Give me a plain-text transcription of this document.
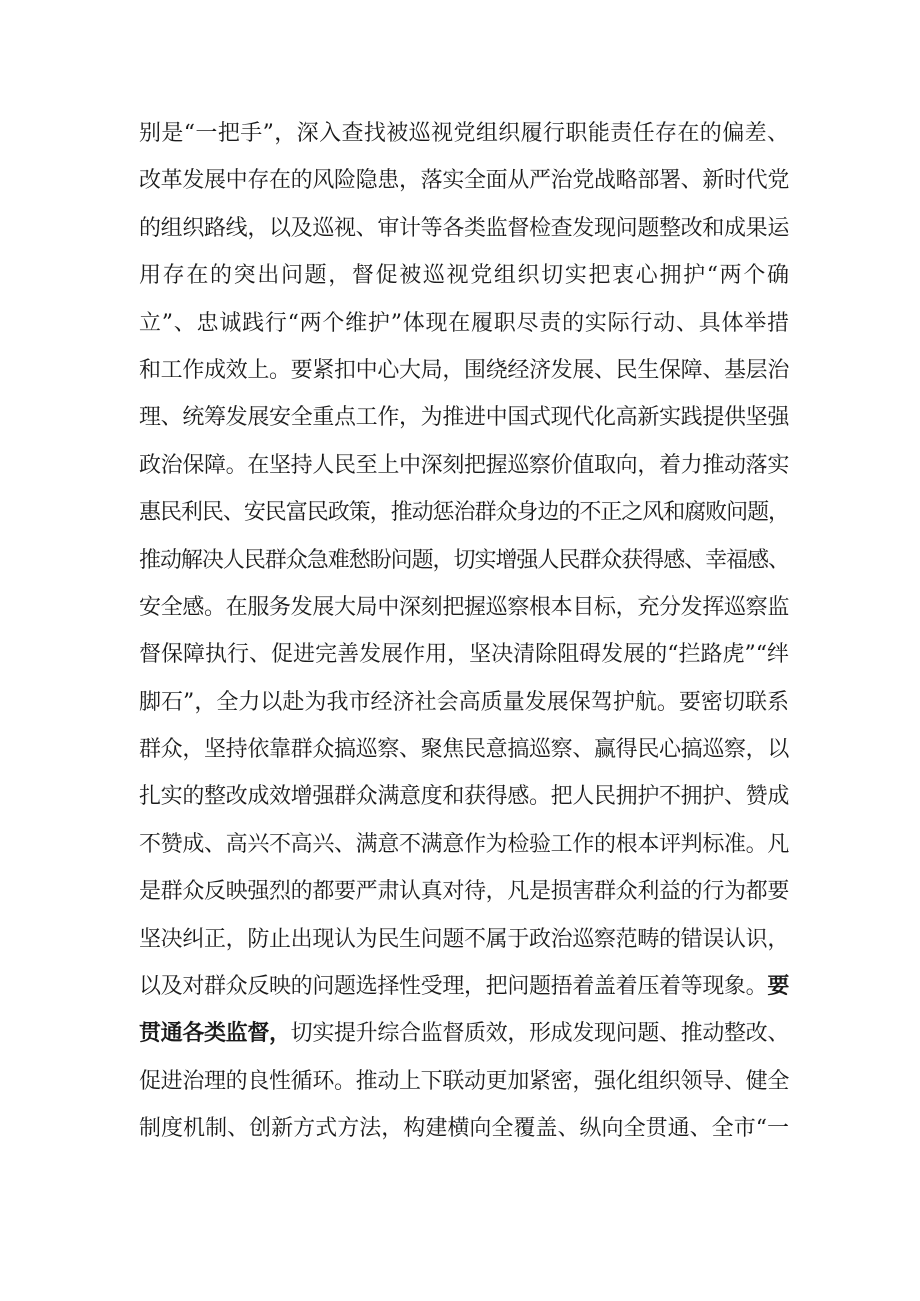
别是“一把手”，深入查找被巡视党组织履行职能责任存在的偏差、
改革发展中存在的风险隐患，落实全面从严治党战略部署、新时代党
的组织路线，以及巡视、审计等各类监督检查发现问题整改和成果运
用存在的突出问题，督促被巡视党组织切实把衷心拥护“两个确
立”、忠诚践行“两个维护”体现在履职尽责的实际行动、具体举措
和工作成效上。要紧扣中心大局，围绕经济发展、民生保障、基层治
理、统筹发展安全重点工作，为推进中国式现代化高新实践提供坚强
政治保障。在坚持人民至上中深刻把握巡察价值取向，着力推动落实
惠民利民、安民富民政策，推动惩治群众身边的不正之风和腐败问题，
推动解决人民群众急难愁盼问题，切实增强人民群众获得感、幸福感、
安全感。在服务发展大局中深刻把握巡察根本目标，充分发挥巡察监
督保障执行、促进完善发展作用，坚决清除阻碍发展的“拦路虎”“绊
脚石”，全力以赴为我市经济社会高质量发展保驾护航。要密切联系
群众，坚持依靠群众搞巡察、聚焦民意搞巡察、赢得民心搞巡察，以
扎实的整改成效增强群众满意度和获得感。把人民拥护不拥护、赞成
不赞成、高兴不高兴、满意不满意作为检验工作的根本评判标准。凡
是群众反映强烈的都要严肃认真对待，凡是损害群众利益的行为都要
坚决纠正，防止出现认为民生问题不属于政治巡察范畴的错误认识，
以及对群众反映的问题选择性受理，把问题捂着盖着压着等现象。要
贯通各类监督，切实提升综合监督质效，形成发现问题、推动整改、
促进治理的良性循环。推动上下联动更加紧密，强化组织领导、健全
制度机制、创新方式方法，构建横向全覆盖、纵向全贯通、全市“一
